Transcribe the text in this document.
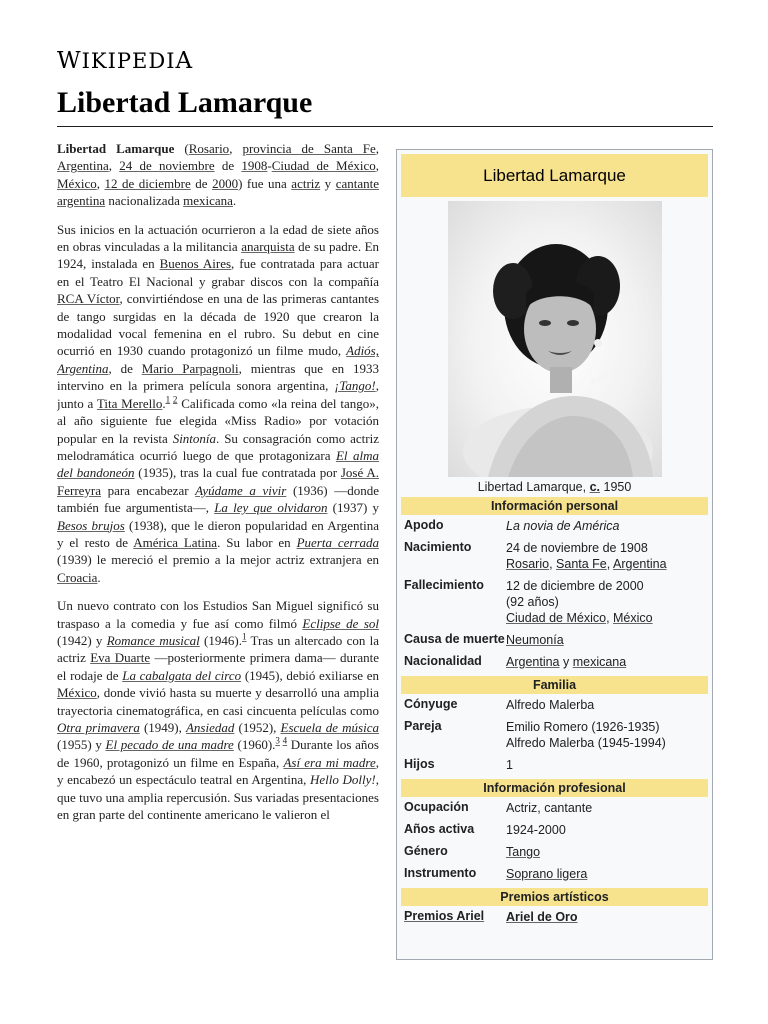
WIKIPEDIA
Libertad Lamarque

Libertad Lamarque (Rosario, provincia de Santa Fe, Argentina, 24 de noviembre de 1908-Ciudad de México, México, 12 de diciembre de 2000) fue una actriz y cantante argentina nacionalizada mexicana.

Sus inicios en la actuación ocurrieron a la edad de siete años en obras vinculadas a la militancia anarquista de su padre. En 1924, instalada en Buenos Aires, fue contratada para actuar en el Teatro El Nacional y grabar discos con la compañía RCA Víctor, convirtiéndose en una de las primeras cantantes de tango surgidas en la década de 1920 que crearon la modalidad vocal femenina en el rubro. Su debut en cine ocurrió en 1930 cuando protagonizó un filme mudo, Adiós, Argentina, de Mario Parpagnoli, mientras que en 1933 intervino en la primera película sonora argentina, ¡Tango!, junto a Tita Merello.$^{1 2}$ Calificada como «la reina del tango», al año siguiente fue elegida «Miss Radio» por votación popular en la revista Sintonía. Su consagración como actriz melodramática ocurrió luego de que protagonizara El alma del bandoneón (1935), tras la cual fue contratada por José A. Ferreyra para encabezar Ayúdame a vivir (1936) —donde también fue argumentista—, La ley que olvidaron (1937) y Besos brujos (1938), que le dieron popularidad en Argentina y el resto de América Latina. Su labor en Puerta cerrada (1939) le mereció el premio a la mejor actriz extranjera en Croacia.

Un nuevo contrato con los Estudios San Miguel significó su traspaso a la comedia y fue así como filmó Eclipse de sol (1942) y Romance musical (1946).$^1$ Tras un altercado con la actriz Eva Duarte —posteriormente primera dama— durante el rodaje de La cabalgata del circo (1945), debió exiliarse en México, donde vivió hasta su muerte y desarrolló una amplia trayectoria cinematográfica, en casi cincuenta películas como Otra primavera (1949), Ansiedad (1952), Escuela de música (1955) y El pecado de una madre (1960).$^{3 4}$ Durante los años de 1960, protagonizó un filme en España, Así era mi madre, y encabezó un espectáculo teatral en Argentina, Hello Dolly!, que tuvo una amplia repercusión. Sus variadas presentaciones en gran parte del continente americano le valieron el

Libertad Lamarque
Libertad Lamarque, c. 1950
Información personal
Apodo	La novia de América
Nacimiento	24 de noviembre de 1908
Rosario, Santa Fe, Argentina
Fallecimiento	12 de diciembre de 2000
(92 años)
Ciudad de México, México
Causa de muerte Neumonía
Nacionalidad	Argentina y mexicana
Familia
Cónyuge	Alfredo Malerba
Pareja	Emilio Romero (1926-1935)
Alfredo Malerba (1945-1994)
Hijos	1
Información profesional
Ocupación	Actriz, cantante
Años activa	1924-2000
Género	Tango
Instrumento	Soprano ligera
Premios artísticos
Premios Ariel	Ariel de Oro
